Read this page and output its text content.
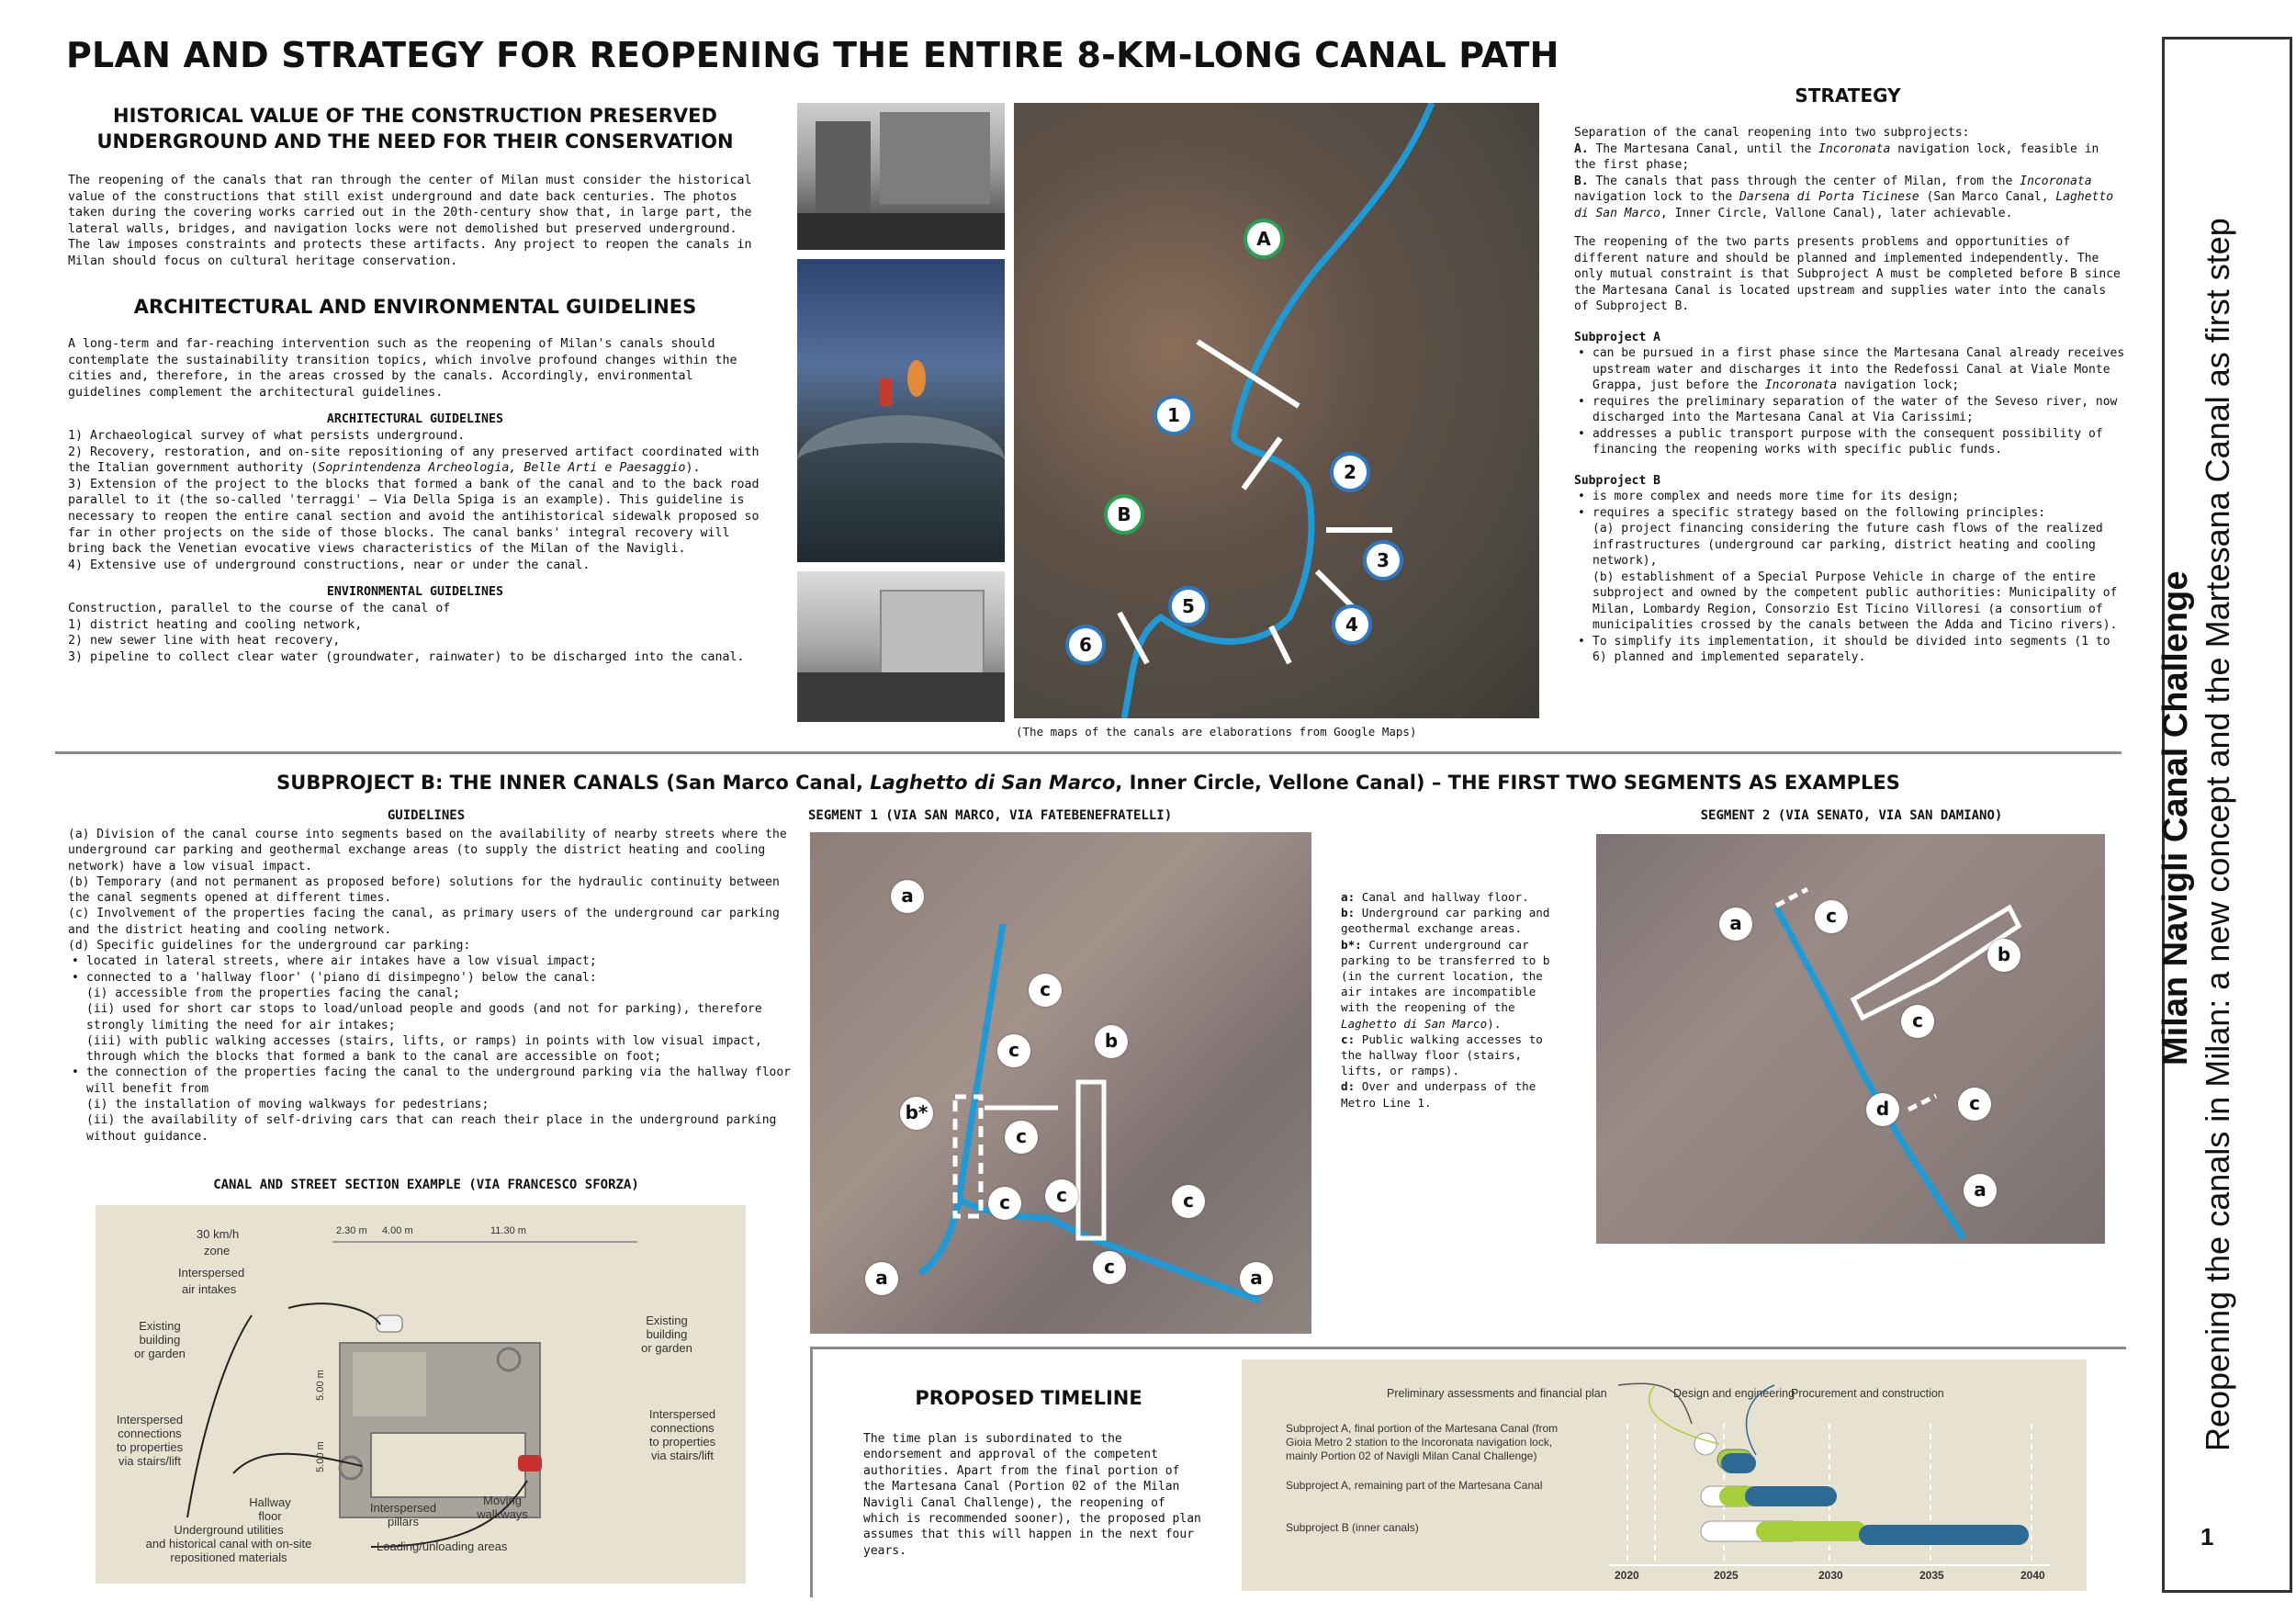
PLAN AND STRATEGY FOR REOPENING THE ENTIRE 8-KM-LONG CANAL PATH
HISTORICAL VALUE OF THE CONSTRUCTION PRESERVED
UNDERGROUND AND THE NEED FOR THEIR CONSERVATION
The reopening of the canals that ran through the center of Milan must consider the historical value of the constructions that still exist underground and date back centuries. The photos taken during the covering works carried out in the 20th-century show that, in large part, the lateral walls, bridges, and navigation locks were not demolished but preserved underground. The law imposes constraints and protects these artifacts. Any project to reopen the canals in Milan should focus on cultural heritage conservation.
ARCHITECTURAL AND ENVIRONMENTAL GUIDELINES

A long-term and far-reaching intervention such as the reopening of Milan's canals should contemplate the sustainability transition topics, which involve profound changes within the cities and, therefore, in the areas crossed by the canals. Accordingly, environmental guidelines complement the architectural guidelines.

ARCHITECTURAL GUIDELINES

1) Archaeological survey of what persists underground.

2) Recovery, restoration, and on-site repositioning of any preserved artifact coordinated with the Italian government authority (Soprintendenza Archeologia, Belle Arti e Paesaggio).

3) Extension of the project to the blocks that formed a bank of the canal and to the back road parallel to it (the so-called 'terraggi' – Via Della Spiga is an example). This guideline is necessary to reopen the entire canal section and avoid the antihistorical sidewalk proposed so far in other projects on the side of those blocks. The canal banks' integral recovery will bring back the Venetian evocative views characteristics of the Milan of the Navigli.

4) Extensive use of underground constructions, near or under the canal.

ENVIRONMENTAL GUIDELINES

Construction, parallel to the course of the canal of

1) district heating and cooling network,

2) new sewer line with heat recovery,

3) pipeline to collect clear water (groundwater, rainwater) to be discharged into the canal.

A
B
1
2
3
4
5
6
(The maps of the canals are elaborations from Google Maps)
STRATEGY

Separation of the canal reopening into two subprojects:

A. The Martesana Canal, until the Incoronata navigation lock, feasible in the first phase;

B. The canals that pass through the center of Milan, from the Incoronata navigation lock to the Darsena di Porta Ticinese (San Marco Canal, Laghetto di San Marco, Inner Circle, Vallone Canal), later achievable.

The reopening of the two parts presents problems and opportunities of different nature and should be planned and implemented independently. The only mutual constraint is that Subproject A must be completed before B since the Martesana Canal is located upstream and supplies water into the canals of Subproject B.

Subproject A

• can be pursued in a first phase since the Martesana Canal already receives upstream water and discharges it into the Redefossi Canal at Viale Monte Grappa, just before the Incoronata navigation lock;
• requires the preliminary separation of the water of the Seveso river, now discharged into the Martesana Canal at Via Carissimi;
• addresses a public transport purpose with the consequent possibility of financing the reopening works with specific public funds.

Subproject B

• is more complex and needs more time for its design;
• requires a specific strategy based on the following principles:
(a) project financing considering the future cash flows of the realized infrastructures (underground car parking, district heating and cooling network),
(b) establishment of a Special Purpose Vehicle in charge of the entire subproject and owned by the competent public authorities: Municipality of Milan, Lombardy Region, Consorzio Est Ticino Villoresi (a consortium of municipalities crossed by the canals between the Adda and Ticino rivers).
• To simplify its implementation, it should be divided into segments (1 to 6) planned and implemented separately.
SUBPROJECT B: THE INNER CANALS (San Marco Canal, Laghetto di San Marco, Inner Circle, Vellone Canal) – THE FIRST TWO SEGMENTS AS EXAMPLES
GUIDELINES

(a) Division of the canal course into segments based on the availability of nearby streets where the underground car parking and geothermal exchange areas (to supply the district heating and cooling network) have a low visual impact.

(b) Temporary (and not permanent as proposed before) solutions for the hydraulic continuity between the canal segments opened at different times.

(c) Involvement of the properties facing the canal, as primary users of the underground car parking and the district heating and cooling network.

(d) Specific guidelines for the underground car parking:

• located in lateral streets, where air intakes have a low visual impact;
• connected to a 'hallway floor' ('piano di disimpegno') below the canal:
(i) accessible from the properties facing the canal;
(ii) used for short car stops to load/unload people and goods (and not for parking), therefore strongly limiting the need for air intakes;
(iii) with public walking accesses (stairs, lifts, or ramps) in points with low visual impact, through which the blocks that formed a bank to the canal are accessible on foot;
• the connection of the properties facing the canal to the underground parking via the hallway floor will benefit from
(i) the installation of moving walkways for pedestrians;
(ii) the availability of self-driving cars that can reach their place in the underground parking without guidance.
CANAL AND STREET SECTION EXAMPLE (VIA FRANCESCO SFORZA)
30 km/h
zone
Interspersed
air intakes
2.30 m 4.00 m	11.30 m
5.00 m
5.00 m
Existing
building
or garden
Existing
building
or garden
Interspersed
connections
to properties
via stairs/lift
Interspersed
connections
to properties
via stairs/lift
Hallway
floor
Interspersed
pillars
Moving
walkways
Underground utilities
and historical canal with on-site
repositioned materials
Loading/unloading areas
SEGMENT 1 (VIA SAN MARCO, VIA FATEBENEFRATELLI)
a
a	a
b
b*
c
c
c
c	c	c
c

a: Canal and hallway floor.

b: Underground car parking and geothermal exchange areas.

b*: Current underground car parking to be transferred to b (in the current location, the air intakes are incompatible with the reopening of the Laghetto di San Marco).

c: Public walking accesses to the hallway floor (stairs, lifts, or ramps).

d: Over and underpass of the Metro Line 1.

SEGMENT 2 (VIA SENATO, VIA SAN DAMIANO)
a
a
b
c
c
c
d
PROPOSED TIMELINE
The time plan is subordinated to the endorsement and approval of the competent authorities. Apart from the final portion of the Martesana Canal (Portion 02 of the Milan Navigli Canal Challenge), the reopening of which is recommended sooner), the proposed plan assumes that this will happen in the next four years.
Preliminary assessments and financial plan	Design and engineering
Procurement and construction
Subproject A, final portion of the Martesana Canal (from
Gioia Metro 2 station to the Incoronata navigation lock,
mainly Portion 02 of Navigli Milan Canal Challenge)
Subproject A, remaining part of the Martesana Canal
Subproject B (inner canals)
2020	2025	2030	2035	2040
Milan Navigli Canal Challenge Reopening the canals in Milan: a new concept and the Martesana Canal as first step
1
